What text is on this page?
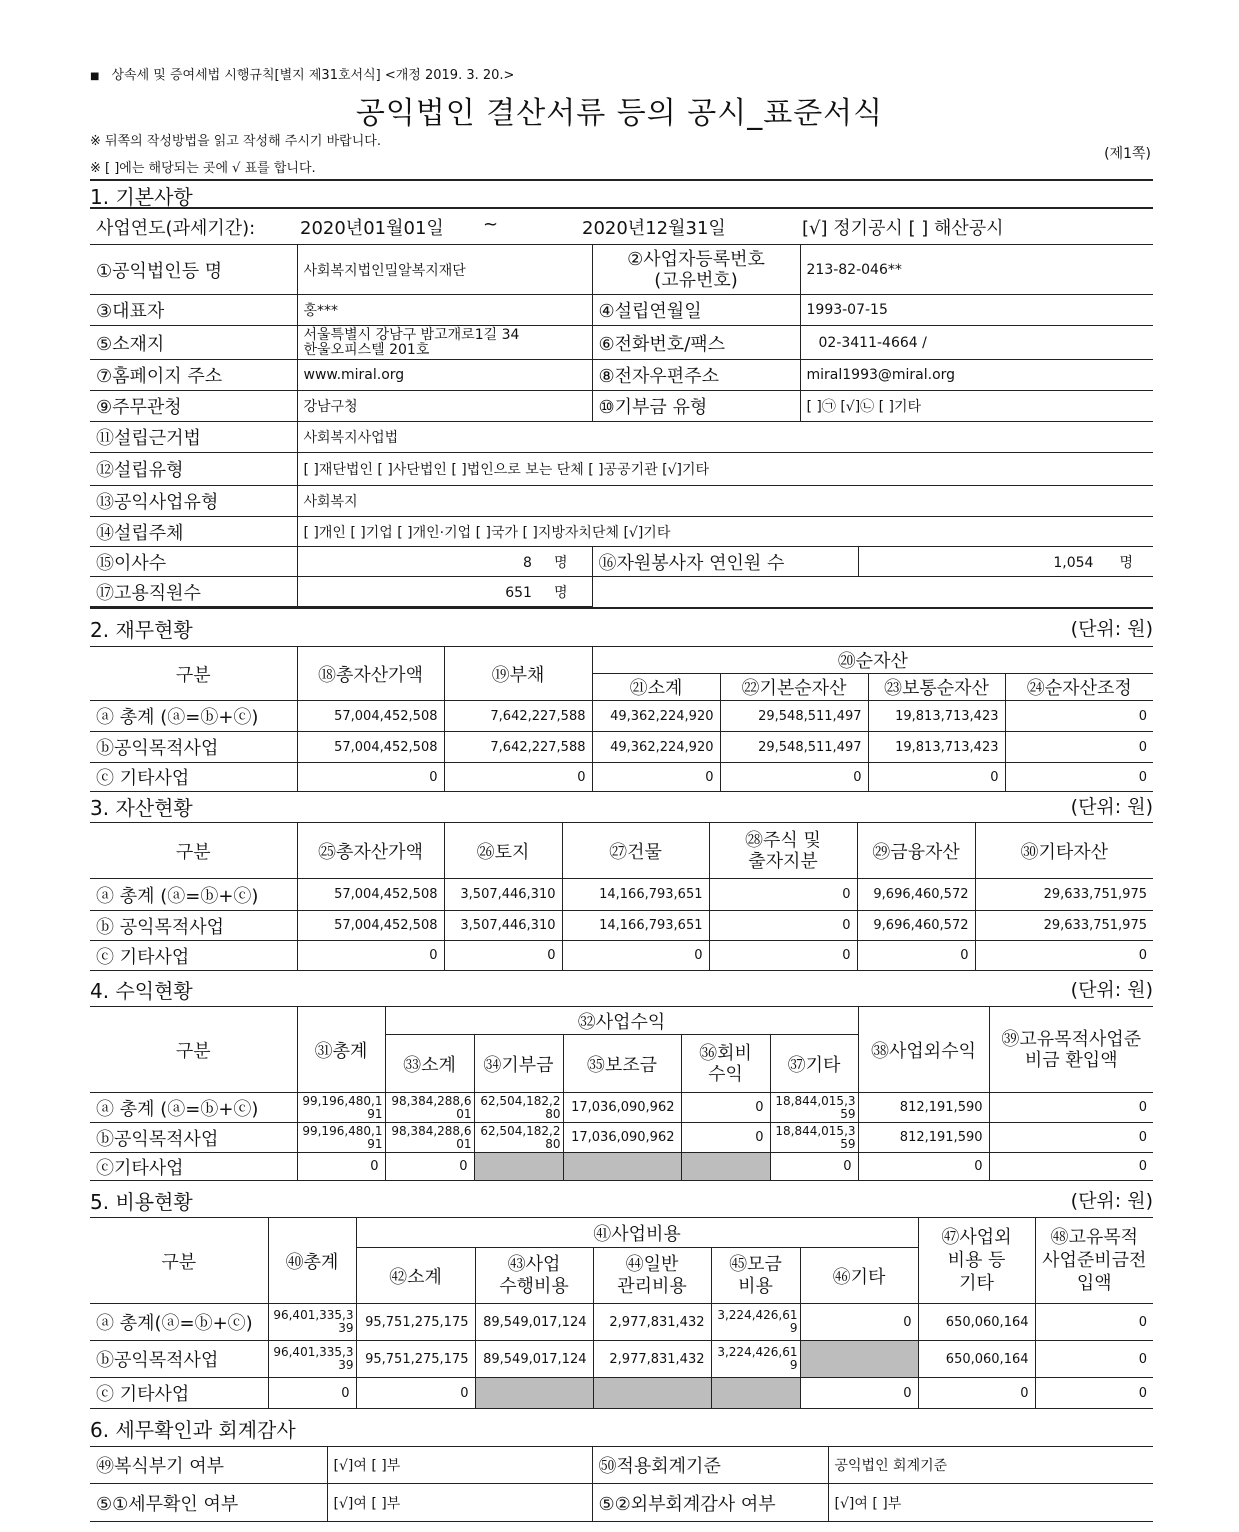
■ 상속세 및 증여세법 시행규칙[별지 제31호서식] <개정 2019. 3. 20.>
공익법인 결산서류 등의 공시_표준서식
※ 뒤쪽의 작성방법을 읽고 작성해 주시기 바랍니다.
※ [ ]에는 해당되는 곳에 √ 표를 합니다.
(제1쪽)
1. 기본사항
사업연도(과세기간): 2020년01월01일 ~	2020년12월31일	[√] 정기공시 [ ] 해산공시
①공익법인등 명	사회복지법인밀알복지재단	②사업자등록번호
(고유번호)	213-82-046**
③대표자	홍***	④설립연월일	1993-07-15
⑤소재지	서울특별시 강남구 밤고개로1길 34
한울오피스텔 201호	⑥전화번호/팩스	02-3411-4664 /
⑦홈페이지 주소	www.miral.org	⑧전자우편주소	miral1993@miral.org
⑨주무관청	강남구청	⑩기부금 유형	[ ]㉠ [√]㉡ [ ]기타
⑪설립근거법	사회복지사업법		
⑫설립유형	[ ]재단법인 [ ]사단법인 [ ]법인으로 보는 단체 [ ]공공기관 [√]기타		
⑬공익사업유형	사회복지		
⑭설립주체	[ ]개인 [ ]기업 [ ]개인·기업 [ ]국가 [ ]지방자치단체 [√]기타		
⑮이사수	8 명	⑯자원봉사자 연인원 수	1,054 명
⑰고용직원수	651 명		
2. 재무현황	(단위: 원)
구분	⑱총자산가액	⑲부채	⑳순자산			
			㉑소계	㉒기본순자산	㉓보통순자산	㉔순자산조정
ⓐ 총계 (ⓐ=ⓑ+ⓒ)	57,004,452,508	7,642,227,588	49,362,224,920	29,548,511,497	19,813,713,423	0
ⓑ공익목적사업	57,004,452,508	7,642,227,588	49,362,224,920	29,548,511,497	19,813,713,423	0
ⓒ 기타사업	0	0	0	0	0	0
3. 자산현황	(단위: 원)
구분	㉕총자산가액	㉖토지	㉗건물	㉘주식 및
출자지분	㉙금융자산	㉚기타자산
ⓐ 총계 (ⓐ=ⓑ+ⓒ)	57,004,452,508	3,507,446,310	14,166,793,651	0	9,696,460,572	29,633,751,975
ⓑ 공익목적사업	57,004,452,508	3,507,446,310	14,166,793,651	0	9,696,460,572	29,633,751,975
ⓒ 기타사업	0	0	0	0	0	0
4. 수익현황	(단위: 원)
구분	㉛총계	㉜사업수익					㊳사업외수익	㊴고유목적사업준
비금 환입액
		㉝소계	㉞기부금	㉟보조금	㊱회비
수익	㊲기타		
ⓐ 총계 (ⓐ=ⓑ+ⓒ)	99,196,480,191	98,384,288,601	62,504,182,280	17,036,090,962	0	18,844,015,359	812,191,590	0
ⓑ공익목적사업	99,196,480,191	98,384,288,601	62,504,182,280	17,036,090,962	0	18,844,015,359	812,191,590	0
ⓒ기타사업	0	0				0	0	0
5. 비용현황	(단위: 원)
구분	㊵총계	㊶사업비용					㊼사업외
비용 등
기타	㊽고유목적
사업준비금전
입액
		㊷소계	㊸사업
수행비용	㊹일반
관리비용	㊺모금
비용	㊻기타		
ⓐ 총계(ⓐ=ⓑ+ⓒ)	96,401,335,339	95,751,275,175	89,549,017,124	2,977,831,432	3,224,426,619	0	650,060,164	0
ⓑ공익목적사업	96,401,335,339	95,751,275,175	89,549,017,124	2,977,831,432	3,224,426,619		650,060,164	0
ⓒ 기타사업	0	0				0	0	0
6. 세무확인과 회계감사
㊾복식부기 여부	[√]여 [ ]부	㊿적용회계기준	공익법인 회계기준
⑤①세무확인 여부	[√]여 [ ]부	⑤②외부회계감사 여부	[√]여 [ ]부
